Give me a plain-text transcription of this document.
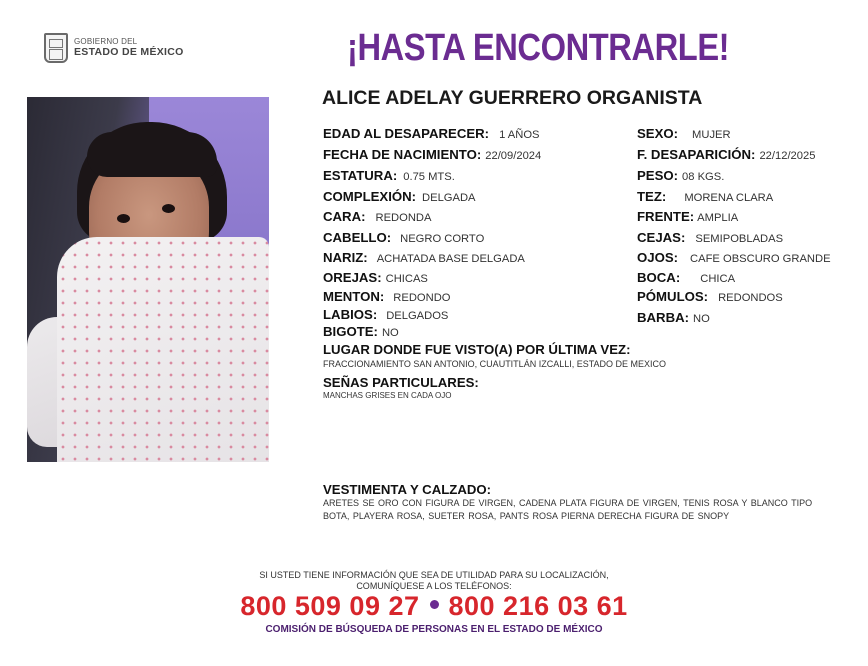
GOBIERNO DEL
ESTADO DE MÉXICO	¡HASTA ENCONTRARLE!
ALICE ADELAY GUERRERO ORGANISTA
EDAD AL DESAPARECER: 1 AÑOS
FECHA DE NACIMIENTO: 22/09/2024
ESTATURA: 0.75 MTS.
COMPLEXIÓN: DELGADA
CARA: REDONDA
CABELLO: NEGRO CORTO
NARIZ: ACHATADA BASE DELGADA
OREJAS: CHICAS
MENTON: REDONDO
LABIOS: DELGADOS
BIGOTE: NO
SEXO: MUJER
F. DESAPARICIÓN: 22/12/2025
PESO: 08 KGS.
TEZ: MORENA CLARA
FRENTE: AMPLIA
CEJAS: SEMIPOBLADAS
OJOS: CAFE OBSCURO GRANDE
BOCA: CHICA
PÓMULOS: REDONDOS
BARBA: NO
LUGAR DONDE FUE VISTO(A) POR ÚLTIMA VEZ:
FRACCIONAMIENTO SAN ANTONIO, CUAUTITLÁN IZCALLI, ESTADO DE MEXICO
SEÑAS PARTICULARES:
MANCHAS GRISES EN CADA OJO
VESTIMENTA Y CALZADO:
ARETES SE ORO CON FIGURA DE VIRGEN, CADENA PLATA FIGURA DE VIRGEN, TENIS ROSA Y BLANCO TIPO BOTA, PLAYERA ROSA, SUETER ROSA, PANTS ROSA PIERNA DERECHA FIGURA DE SNOPY
SI USTED TIENE INFORMACIÓN QUE SEA DE UTILIDAD PARA SU LOCALIZACIÓN,
COMUNÍQUESE A LOS TELÉFONOS:
800 509 09 27 800 216 03 61
COMISIÓN DE BÚSQUEDA DE PERSONAS EN EL ESTADO DE MÉXICO
